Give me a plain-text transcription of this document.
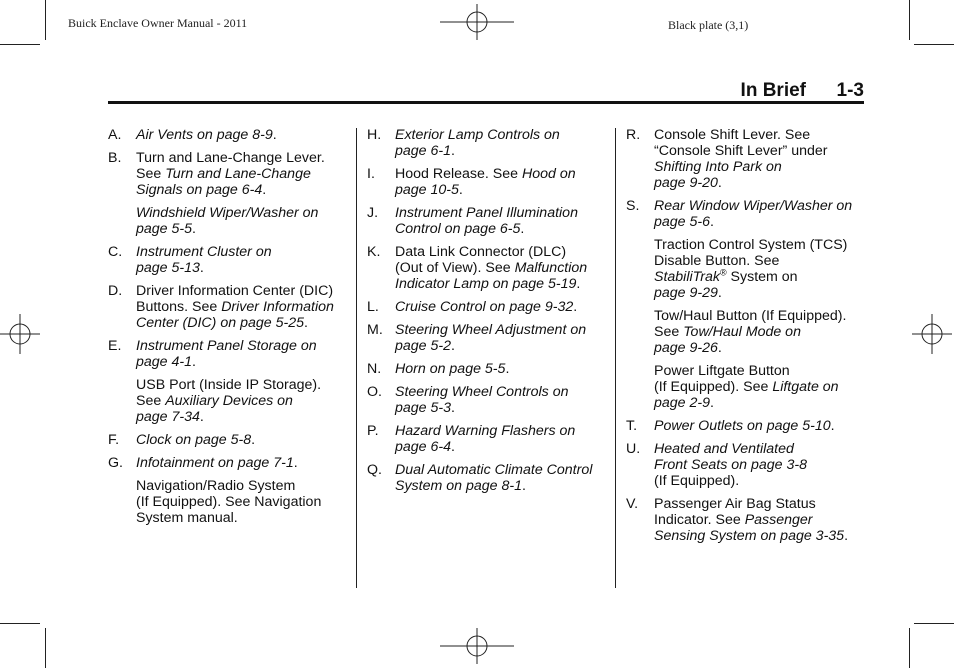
Buick Enclave Owner Manual - 2011	Black plate (3,1)
In Brief 1-3
A. Air Vents on page 8-9.
B. Turn and Lane-Change Lever.
See Turn and Lane-Change
Signals on page 6-4.
Windshield Wiper/Washer on
page 5-5.
C. Instrument Cluster on
page 5-13.
D. Driver Information Center (DIC)
Buttons. See Driver Information
Center (DIC) on page 5-25.
E. Instrument Panel Storage on
page 4-1.
USB Port (Inside IP Storage).
See Auxiliary Devices on
page 7-34.
F. Clock on page 5-8.
G. Infotainment on page 7-1.
Navigation/Radio System
(If Equipped). See Navigation
System manual.
H. Exterior Lamp Controls on
page 6-1.
I. Hood Release. See Hood on
page 10-5.
J. Instrument Panel Illumination
Control on page 6-5.
K. Data Link Connector (DLC)
(Out of View). See Malfunction
Indicator Lamp on page 5-19.
L. Cruise Control on page 9-32.
M. Steering Wheel Adjustment on
page 5-2.
N. Horn on page 5-5.
O. Steering Wheel Controls on
page 5-3.
P. Hazard Warning Flashers on
page 6-4.
Q. Dual Automatic Climate Control
System on page 8-1.
R. Console Shift Lever. See
“Console Shift Lever” under
Shifting Into Park on
page 9-20.
S. Rear Window Wiper/Washer on
page 5-6.
Traction Control System (TCS)
Disable Button. See
StabiliTrak® System on
page 9-29.
Tow/Haul Button (If Equipped).
See Tow/Haul Mode on
page 9-26.
Power Liftgate Button
(If Equipped). See Liftgate on
page 2-9.
T. Power Outlets on page 5-10.
U. Heated and Ventilated
Front Seats on page 3-8
(If Equipped).
V. Passenger Air Bag Status
Indicator. See Passenger
Sensing System on page 3-35.
